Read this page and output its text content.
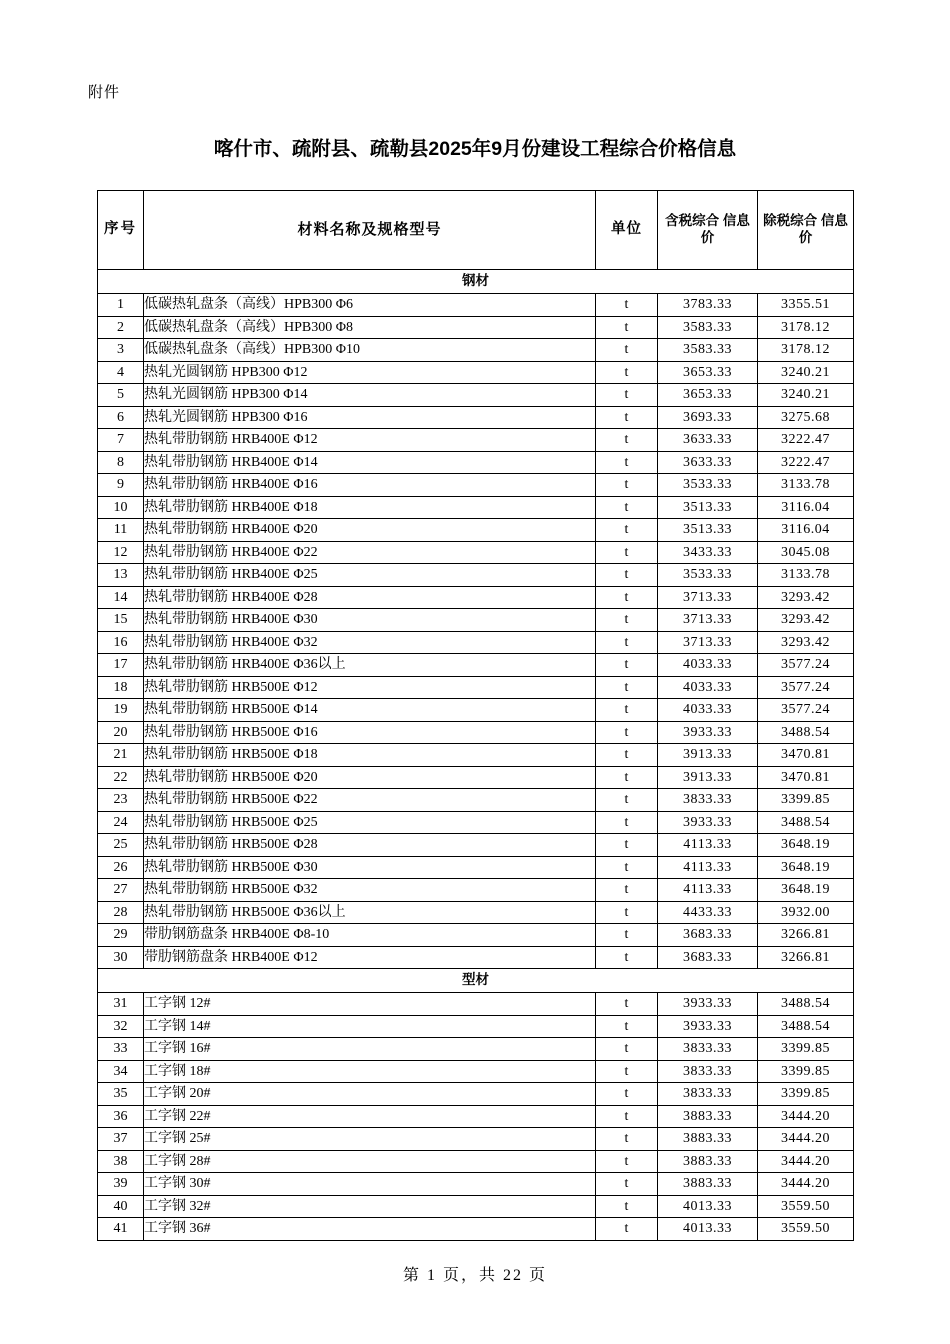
附件
喀什市、疏附县、疏勒县2025年9月份建设工程综合价格信息
序号	材料名称及规格型号	单位	含税综合 信息价	除税综合 信息价
钢材				
1	低碳热轧盘条（高线）HPB300 Φ6	t	3783.33	3355.51
2	低碳热轧盘条（高线）HPB300 Φ8	t	3583.33	3178.12
3	低碳热轧盘条（高线）HPB300 Φ10	t	3583.33	3178.12
4	热轧光圆钢筋 HPB300 Φ12	t	3653.33	3240.21
5	热轧光圆钢筋 HPB300 Φ14	t	3653.33	3240.21
6	热轧光圆钢筋 HPB300 Φ16	t	3693.33	3275.68
7	热轧带肋钢筋 HRB400E Φ12	t	3633.33	3222.47
8	热轧带肋钢筋 HRB400E Φ14	t	3633.33	3222.47
9	热轧带肋钢筋 HRB400E Φ16	t	3533.33	3133.78
10	热轧带肋钢筋 HRB400E Φ18	t	3513.33	3116.04
11	热轧带肋钢筋 HRB400E Φ20	t	3513.33	3116.04
12	热轧带肋钢筋 HRB400E Φ22	t	3433.33	3045.08
13	热轧带肋钢筋 HRB400E Φ25	t	3533.33	3133.78
14	热轧带肋钢筋 HRB400E Φ28	t	3713.33	3293.42
15	热轧带肋钢筋 HRB400E Φ30	t	3713.33	3293.42
16	热轧带肋钢筋 HRB400E Φ32	t	3713.33	3293.42
17	热轧带肋钢筋 HRB400E Φ36以上	t	4033.33	3577.24
18	热轧带肋钢筋 HRB500E Φ12	t	4033.33	3577.24
19	热轧带肋钢筋 HRB500E Φ14	t	4033.33	3577.24
20	热轧带肋钢筋 HRB500E Φ16	t	3933.33	3488.54
21	热轧带肋钢筋 HRB500E Φ18	t	3913.33	3470.81
22	热轧带肋钢筋 HRB500E Φ20	t	3913.33	3470.81
23	热轧带肋钢筋 HRB500E Φ22	t	3833.33	3399.85
24	热轧带肋钢筋 HRB500E Φ25	t	3933.33	3488.54
25	热轧带肋钢筋 HRB500E Φ28	t	4113.33	3648.19
26	热轧带肋钢筋 HRB500E Φ30	t	4113.33	3648.19
27	热轧带肋钢筋 HRB500E Φ32	t	4113.33	3648.19
28	热轧带肋钢筋 HRB500E Φ36以上	t	4433.33	3932.00
29	带肋钢筋盘条 HRB400E Φ8-10	t	3683.33	3266.81
30	带肋钢筋盘条 HRB400E Φ12	t	3683.33	3266.81
型材				
31	工字钢 12#	t	3933.33	3488.54
32	工字钢 14#	t	3933.33	3488.54
33	工字钢 16#	t	3833.33	3399.85
34	工字钢 18#	t	3833.33	3399.85
35	工字钢 20#	t	3833.33	3399.85
36	工字钢 22#	t	3883.33	3444.20
37	工字钢 25#	t	3883.33	3444.20
38	工字钢 28#	t	3883.33	3444.20
39	工字钢 30#	t	3883.33	3444.20
40	工字钢 32#	t	4013.33	3559.50
41	工字钢 36#	t	4013.33	3559.50
第 1 页，共 22 页
